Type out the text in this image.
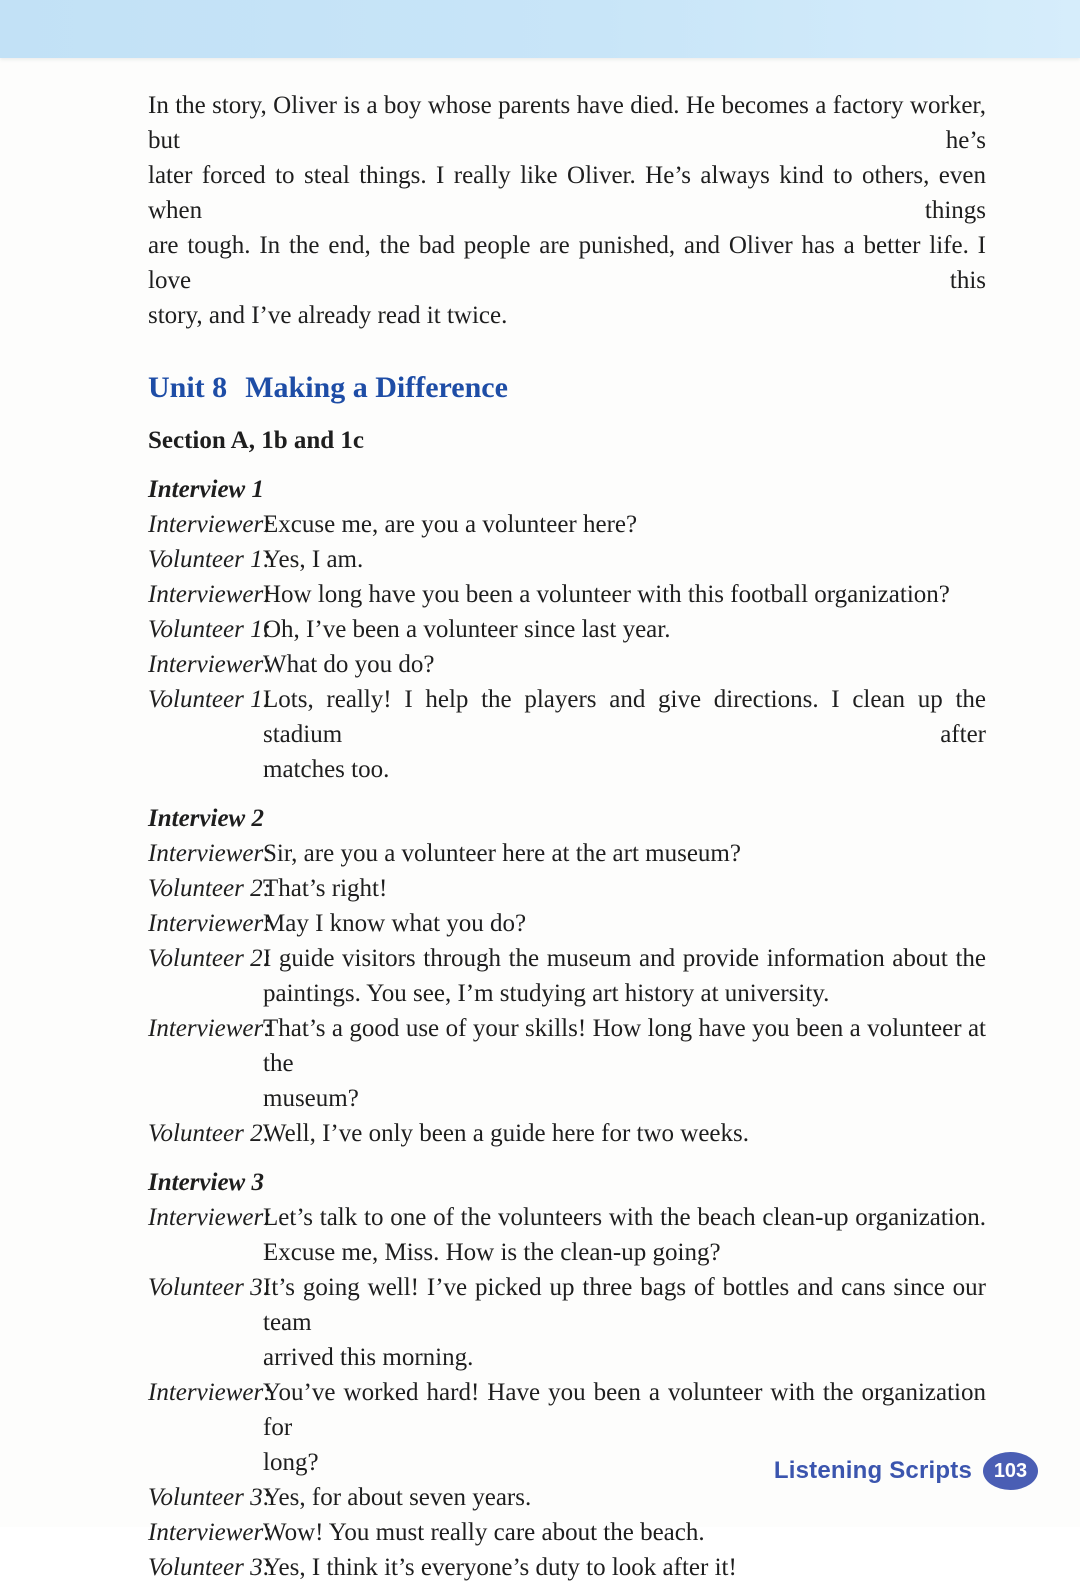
In the story, Oliver is a boy whose parents have died. He becomes a factory worker, but he’s
later forced to steal things. I really like Oliver. He’s always kind to others, even when things
are tough. In the end, the bad people are punished, and Oliver has a better life. I love this
story, and I’ve already read it twice.
Unit 8 Making a Difference
Section A, 1b and 1c
Interview 1
Interviewer:
Excuse me, are you a volunteer here?
Volunteer 1:
Yes, I am.
Interviewer:
How long have you been a volunteer with this football organization?
Volunteer 1:
Oh, I’ve been a volunteer since last year.
Interviewer:
What do you do?
Volunteer 1:
Lots, really! I help the players and give directions. I clean up the stadium after
matches too.
Interview 2
Interviewer:
Sir, are you a volunteer here at the art museum?
Volunteer 2:
That’s right!
Interviewer:
May I know what you do?
Volunteer 2:
I guide visitors through the museum and provide information about the
paintings. You see, I’m studying art history at university.
Interviewer:
That’s a good use of your skills! How long have you been a volunteer at the
museum?
Volunteer 2:
Well, I’ve only been a guide here for two weeks.
Interview 3
Interviewer:
Let’s talk to one of the volunteers with the beach clean-up organization.
Excuse me, Miss. How is the clean-up going?
Volunteer 3:
It’s going well! I’ve picked up three bags of bottles and cans since our team
arrived this morning.
Interviewer:
You’ve worked hard! Have you been a volunteer with the organization for
long?
Volunteer 3:
Yes, for about seven years.
Interviewer:
Wow! You must really care about the beach.
Volunteer 3:
Yes, I think it’s everyone’s duty to look after it!
Listening Scripts	103
